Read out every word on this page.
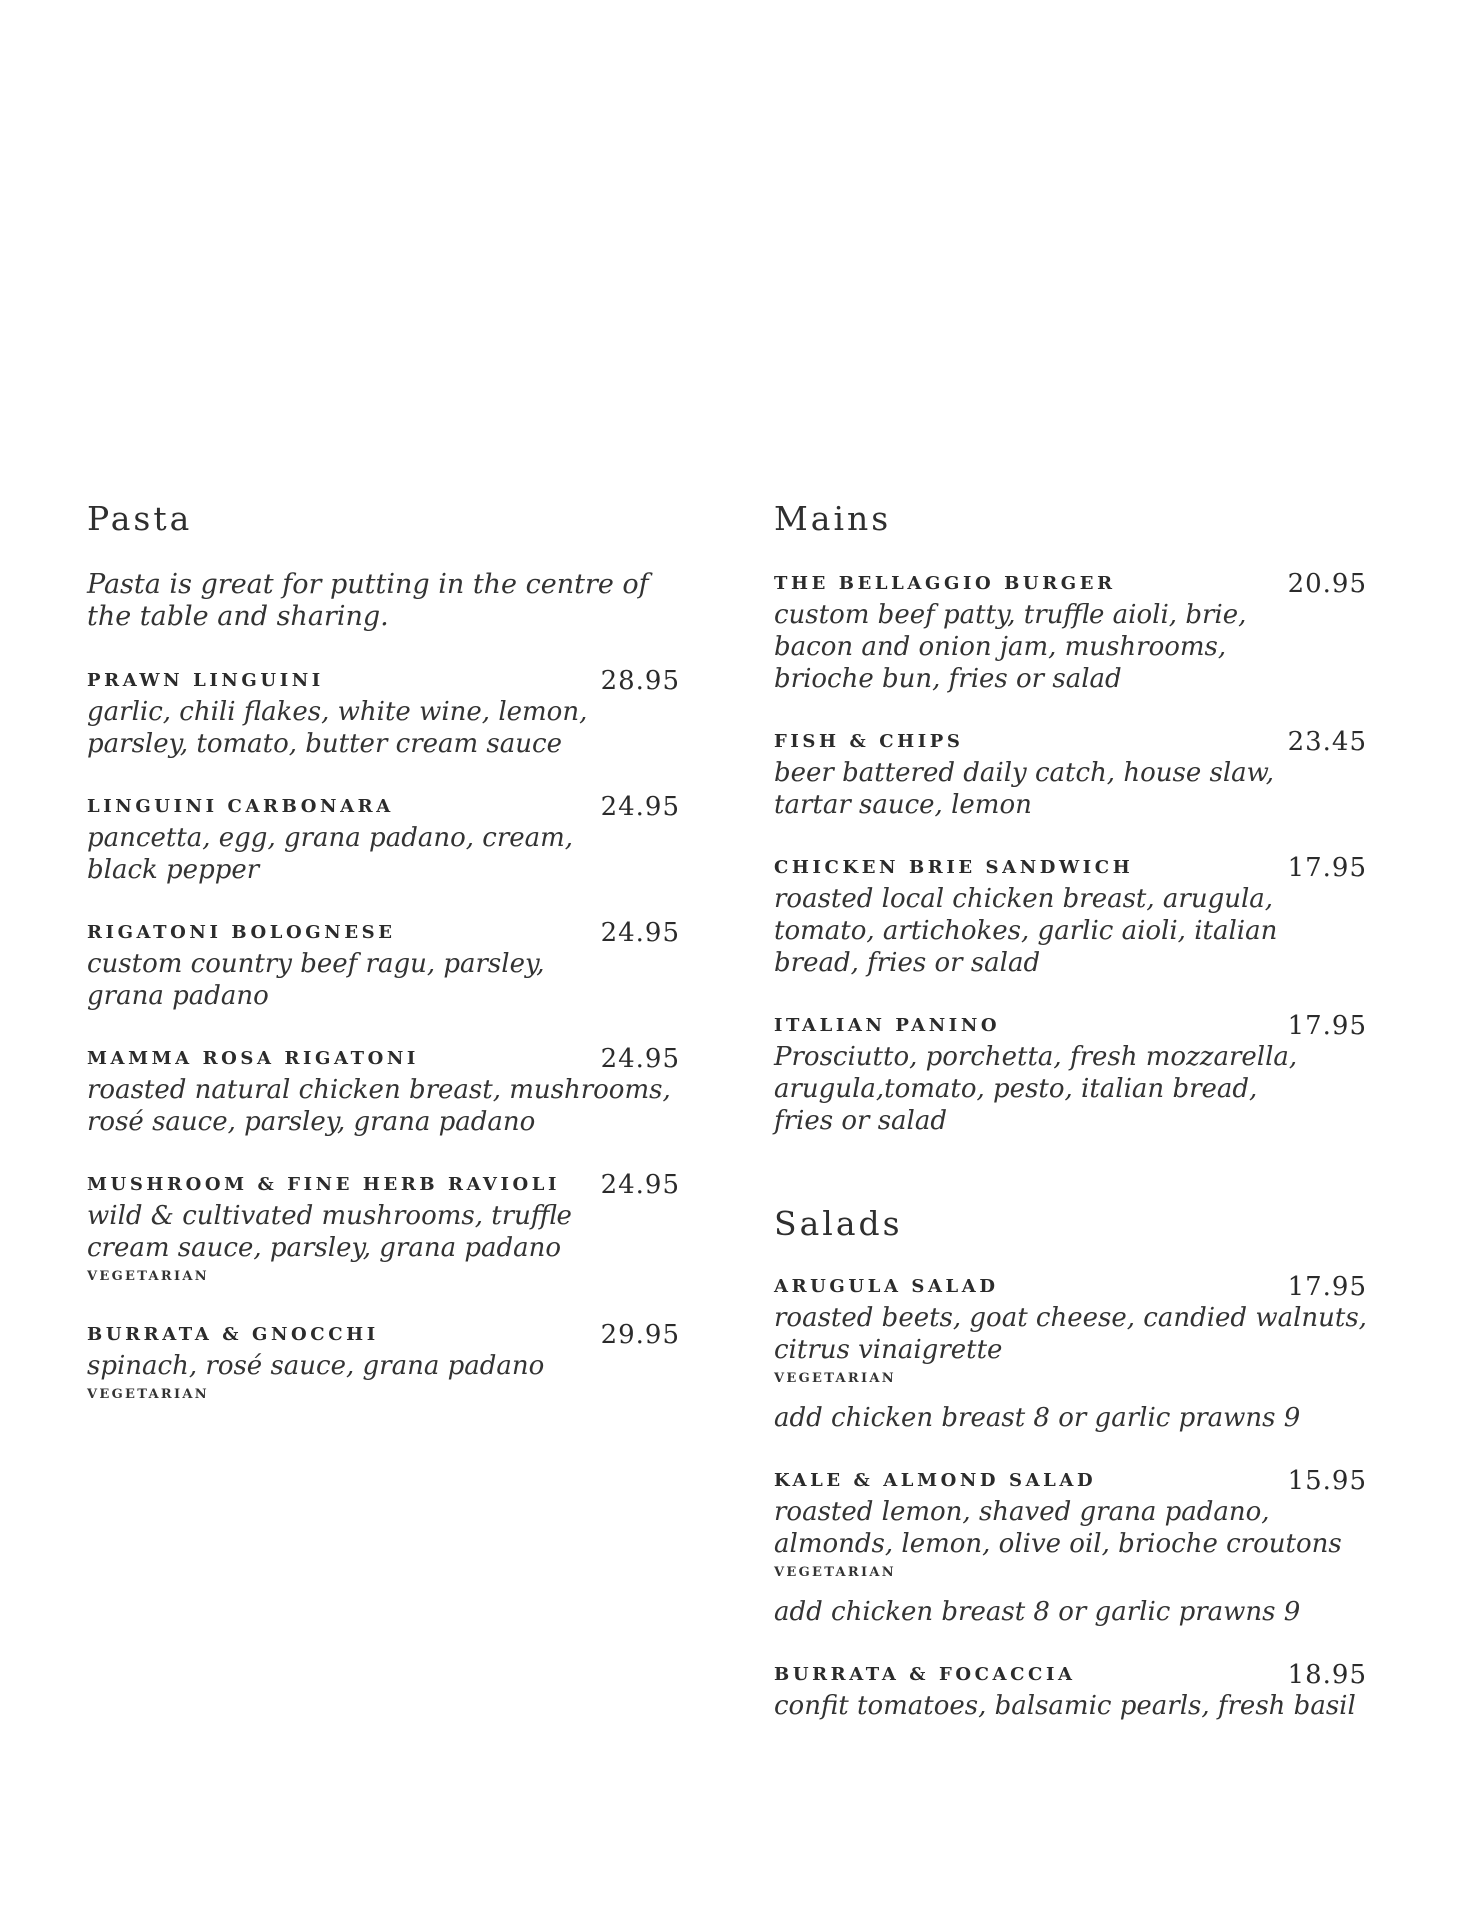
Pasta
Pasta is great for putting in the centre of the table and sharing.
PRAWN LINGUINI	28.95
garlic, chili flakes, white wine, lemon, parsley, tomato, butter cream sauce
LINGUINI CARBONARA	24.95
pancetta, egg, grana padano, cream, black pepper
RIGATONI BOLOGNESE	24.95
custom country beef ragu, parsley, grana padano
MAMMA ROSA RIGATONI	24.95
roasted natural chicken breast, mushrooms, rosé sauce, parsley, grana padano
MUSHROOM & FINE HERB RAVIOLI 24.95
wild & cultivated mushrooms, truffle cream sauce, parsley, grana padano
VEGETARIAN
BURRATA & GNOCCHI	29.95
spinach, rosé sauce, grana padano
VEGETARIAN
Mains
THE BELLAGGIO BURGER	20.95
custom beef patty, truffle aioli, brie, bacon and onion jam, mushrooms, brioche bun, fries or salad
FISH & CHIPS	23.45
beer battered daily catch, house slaw, tartar sauce, lemon
CHICKEN BRIE SANDWICH	17.95
roasted local chicken breast, arugula, tomato, artichokes, garlic aioli, italian bread, fries or salad
ITALIAN PANINO	17.95
Prosciutto, porchetta, fresh mozzarella, arugula,tomato, pesto, italian bread, fries or salad
Salads
ARUGULA SALAD	17.95
roasted beets, goat cheese, candied walnuts, citrus vinaigrette
VEGETARIAN
add chicken breast 8 or garlic prawns 9
KALE & ALMOND SALAD	15.95
roasted lemon, shaved grana padano, almonds, lemon, olive oil, brioche croutons
VEGETARIAN
add chicken breast 8 or garlic prawns 9
BURRATA & FOCACCIA	18.95
confit tomatoes, balsamic pearls, fresh basil
